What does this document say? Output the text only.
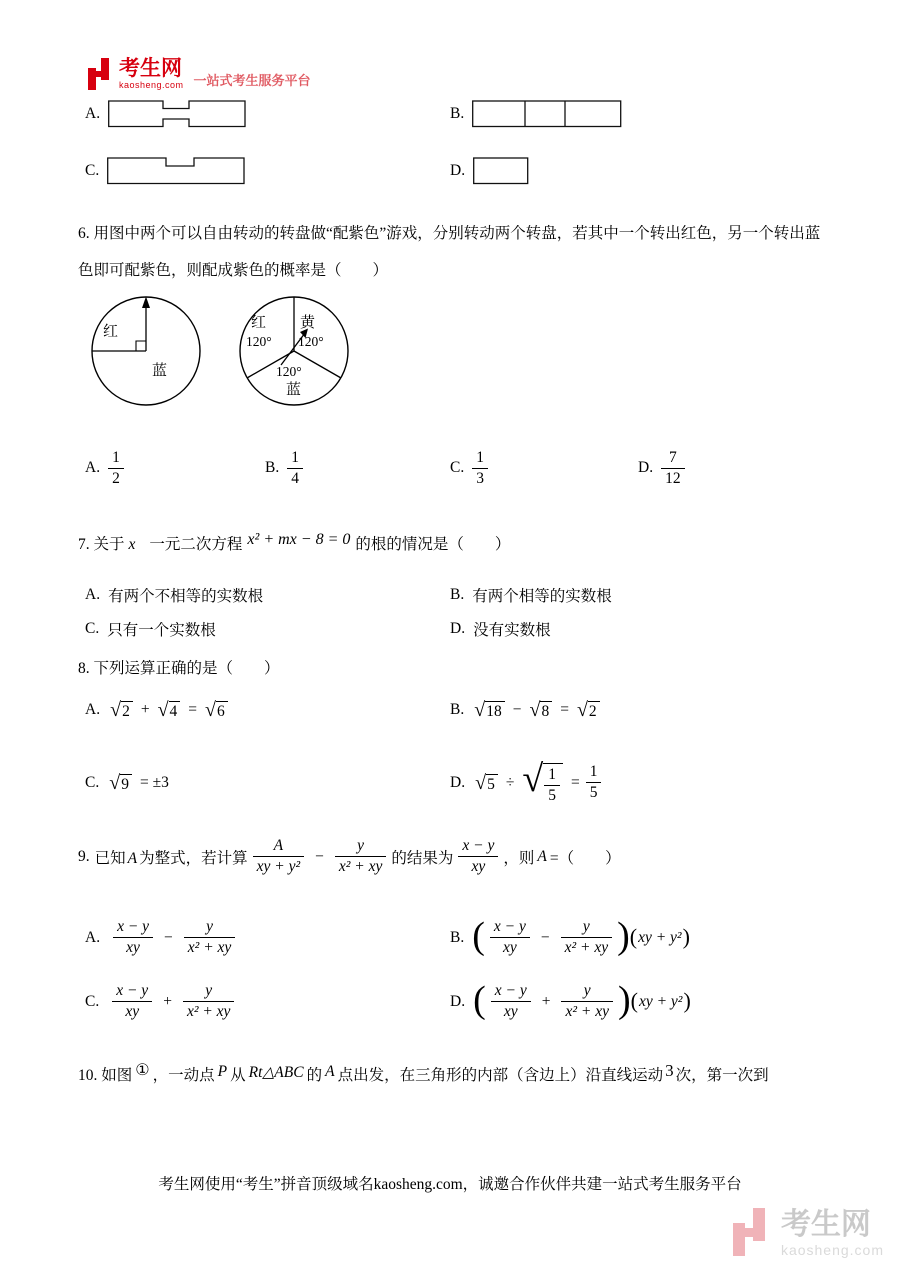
考生网
kaosheng.com 一站式考生服务平台
A.	B.
C.	D.

6. 用图中两个可以自由转动的转盘做“配紫色”游戏，分别转动两个转盘，若其中一个转出红色，另一个转出蓝色即可配紫色，则配成紫色的概率是（　　）

红
蓝
红 黄
120° 120°
120°
蓝
A. $\frac{1}{2}$	B. $\frac{1}{4}$	C. $\frac{1}{3}$	D. $\frac{7}{12}$
7. 关于 x 一元二次方程 x² + mx − 8 = 0 的根的情况是（　　）
A. 有两个不相等的实数根	B. 有两个相等的实数根
C. 只有一个实数根	D. 没有实数根
8. 下列运算正确的是（　　）
A. √ 2 + √ 4 = √ 6	B. √ 18 − √ 8 = √ 2
C. √ 9 = ±3	D. √ 5 ÷ √ $\frac{1}{5} = \frac{1}{5}$
9. 已知 A 为整式，若计算 $\frac{A}{\text{xy + y²}} - \frac{y}{\text{x² + xy}}$ 的结果为 $\frac{x - y}{xy}$ ，则 A =（　　）
A. $\frac{x - y}{xy} - \frac{y}{\text{x² + xy}}$	B. ( $\frac{x - y}{xy} - \frac{y}{\text{x² + xy}}$ ) ( xy + y² )
C. $\frac{x - y}{xy} + \frac{y}{\text{x² + xy}}$	D. ( $\frac{x - y}{xy} + \frac{y}{\text{x² + xy}}$ ) ( xy + y² )
10. 如图 ① ，一动点 P 从 Rt△ABC 的 A 点出发，在三角形的内部（含边上）沿直线运动 3 次，第一次到
考生网使用“考生”拼音顶级域名kaosheng.com，诚邀合作伙伴共建一站式考生服务平台
考生网
kaosheng.com
